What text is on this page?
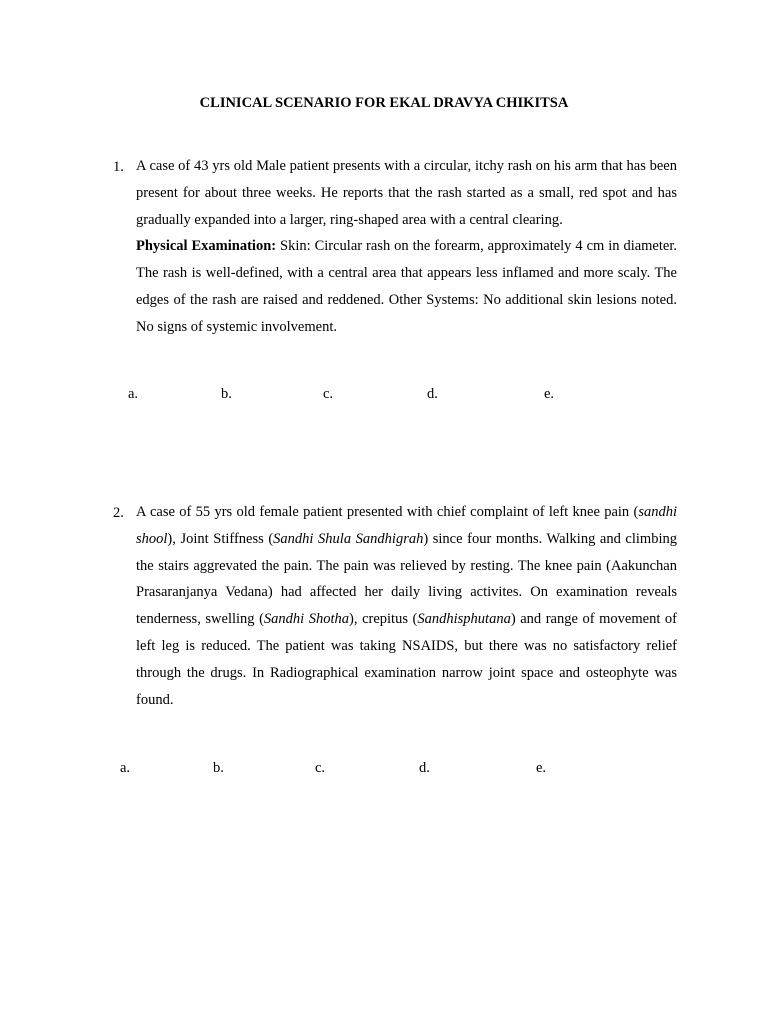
CLINICAL SCENARIO FOR EKAL DRAVYA CHIKITSA
1. A case of 43 yrs old Male patient presents with a circular, itchy rash on his arm that has been present for about three weeks. He reports that the rash started as a small, red spot and has gradually expanded into a larger, ring-shaped area with a central clearing.

Physical Examination: Skin: Circular rash on the forearm, approximately 4 cm in diameter. The rash is well-defined, with a central area that appears less inflamed and more scaly. The edges of the rash are raised and reddened. Other Systems: No additional skin lesions noted. No signs of systemic involvement.

a.	b.	c.	d.	e.
2. A case of 55 yrs old female patient presented with chief complaint of left knee pain (sandhi shool), Joint Stiffness (Sandhi Shula Sandhigrah) since four months. Walking and climbing the stairs aggrevated the pain. The pain was relieved by resting. The knee pain (Aakunchan Prasaranjanya Vedana) had affected her daily living activites. On examination reveals tenderness, swelling (Sandhi Shotha), crepitus (Sandhisphutana) and range of movement of left leg is reduced. The patient was taking NSAIDS, but there was no satisfactory relief through the drugs. In Radiographical examination narrow joint space and osteophyte was found.

a.	b.	c.	d.	e.
